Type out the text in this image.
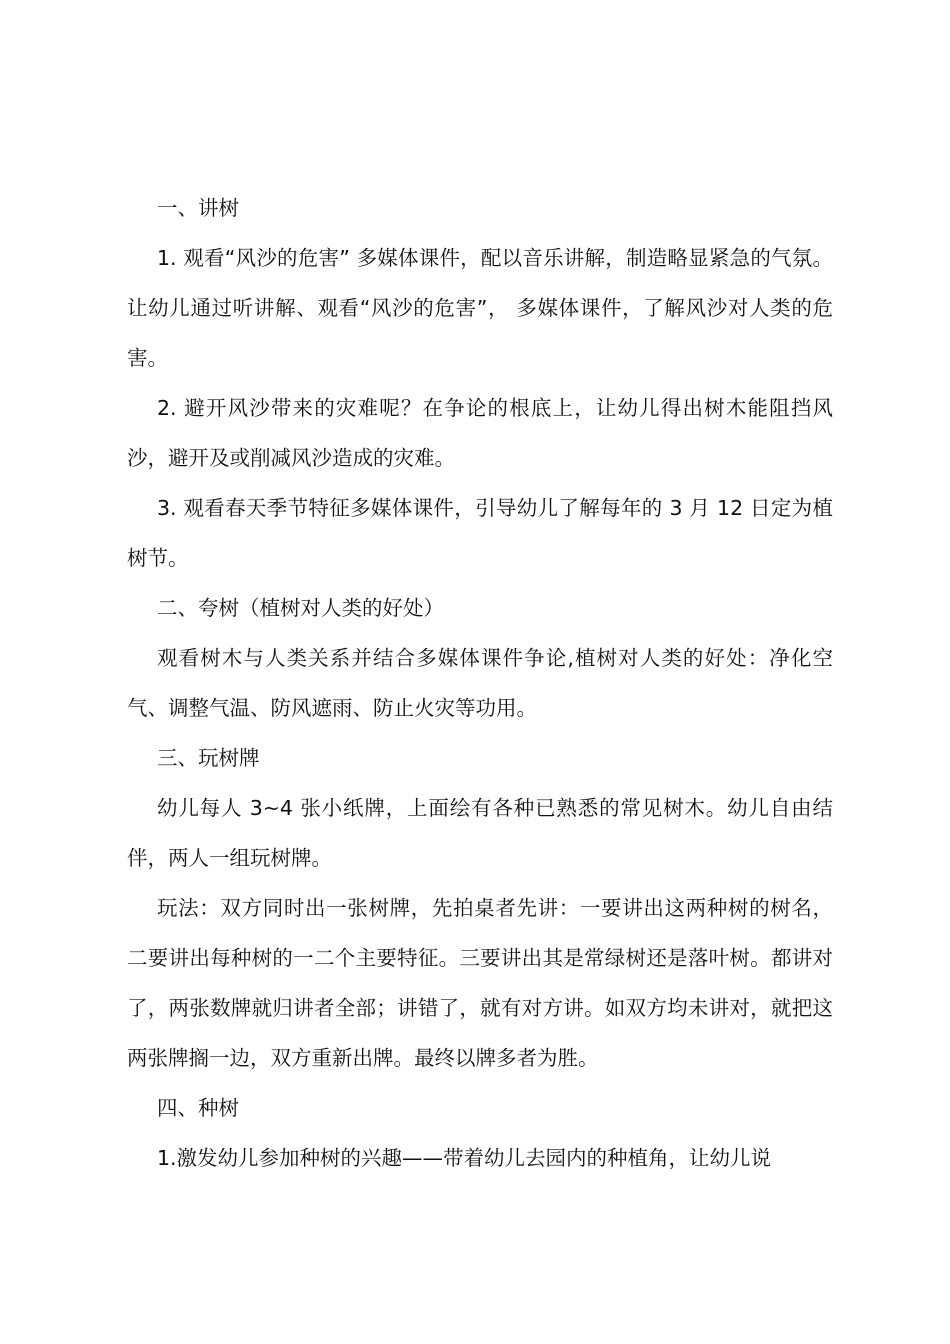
一、讲树

1. 观看“风沙的危害” 多媒体课件，配以音乐讲解，制造略显紧急的气氛。让幼儿通过听讲解、观看“风沙的危害”， 多媒体课件，了解风沙对人类的危害。

2. 避开风沙带来的灾难呢？在争论的根底上，让幼儿得出树木能阻挡风沙，避开及或削减风沙造成的灾难。

3. 观看春天季节特征多媒体课件，引导幼儿了解每年的 3 月 12 日定为植树节。

二、夸树（植树对人类的好处）

观看树木与人类关系并结合多媒体课件争论,植树对人类的好处：净化空气、调整气温、防风遮雨、防止火灾等功用。

三、玩树牌

幼儿每人 3~4 张小纸牌，上面绘有各种已熟悉的常见树木。幼儿自由结伴，两人一组玩树牌。

玩法：双方同时出一张树牌，先拍桌者先讲：一要讲出这两种树的树名，二要讲出每种树的一二个主要特征。三要讲出其是常绿树还是落叶树。都讲对了，两张数牌就归讲者全部；讲错了，就有对方讲。如双方均未讲对，就把这两张牌搁一边，双方重新出牌。最终以牌多者为胜。

四、种树

1.激发幼儿参加种树的兴趣——带着幼儿去园内的种植角，让幼儿说
